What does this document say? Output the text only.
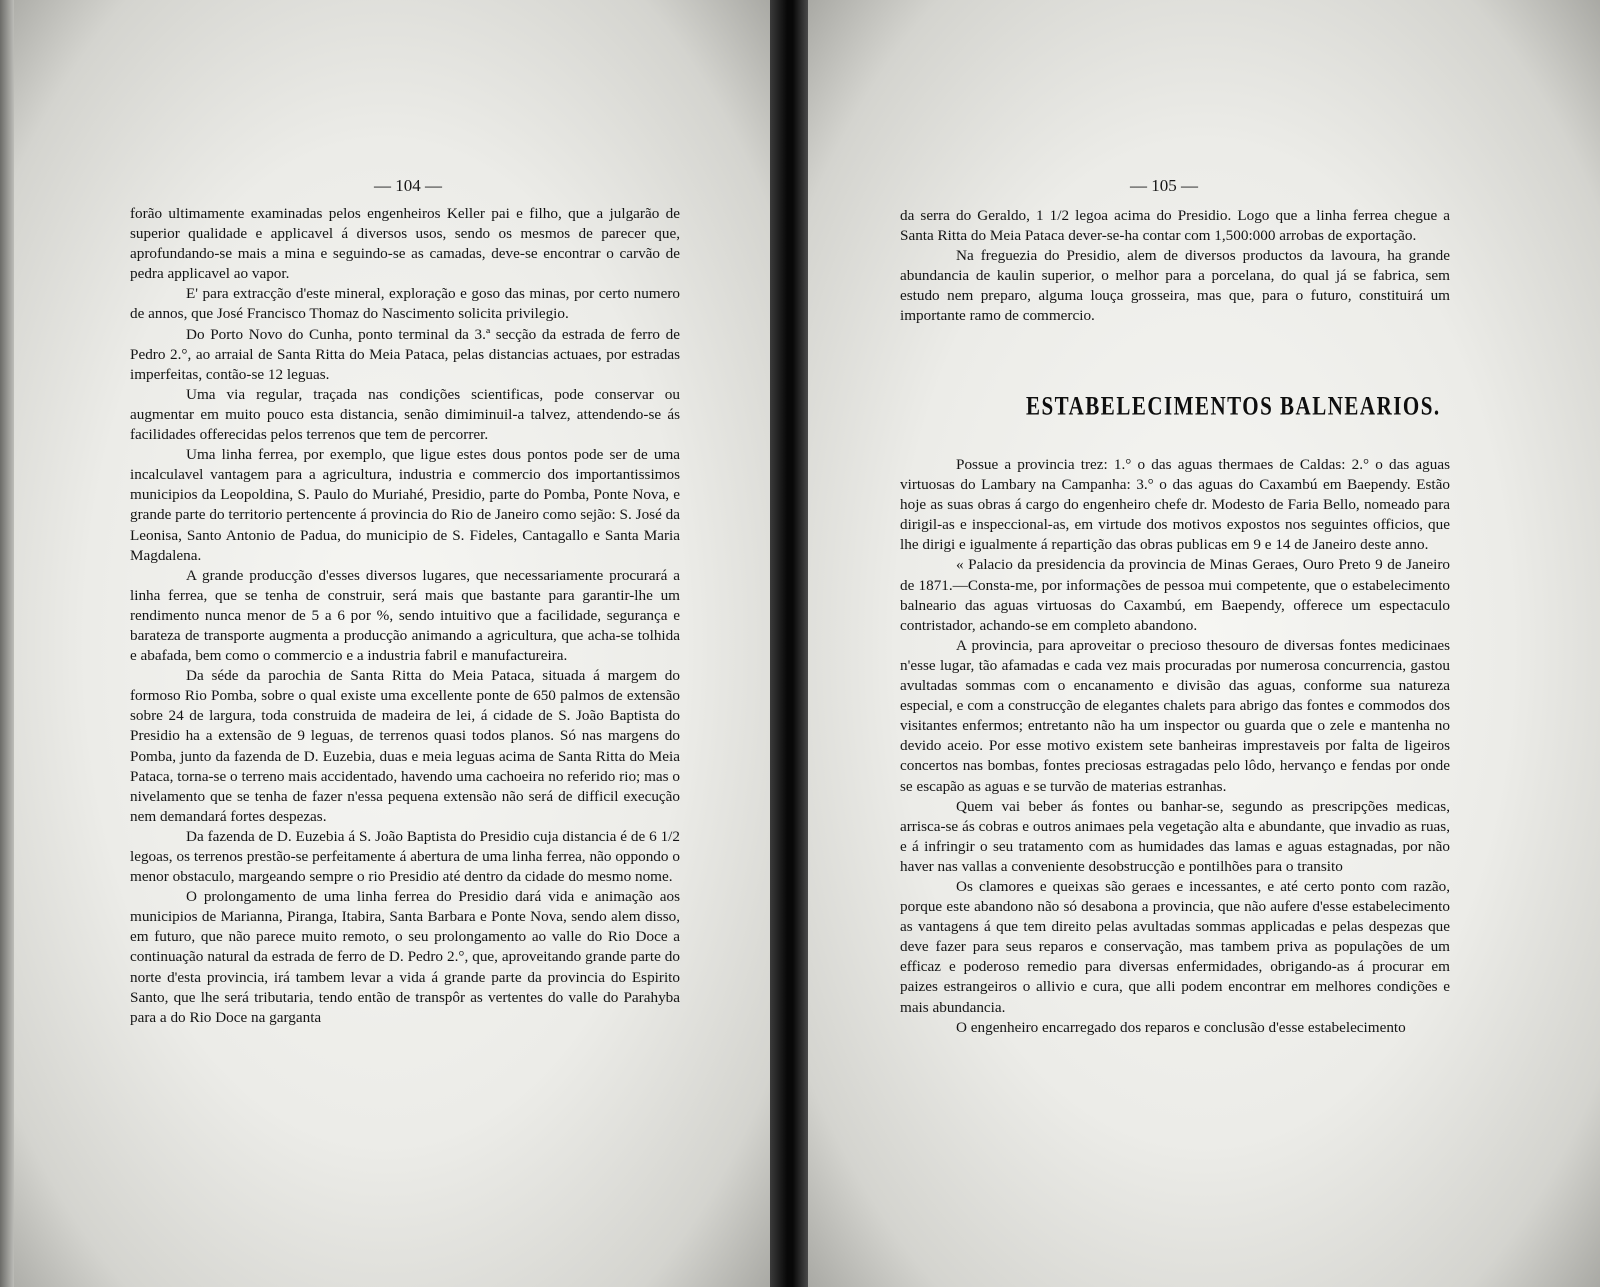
— 104 —

forão ultimamente examinadas pelos engenheiros Keller pai e filho, que a julgarão de superior qualidade e applicavel á diversos usos, sendo os mesmos de parecer que, aprofundando-se mais a mina e seguindo-se as camadas, deve-se encontrar o carvão de pedra applicavel ao vapor.

E' para extracção d'este mineral, exploração e goso das minas, por certo numero de annos, que José Francisco Thomaz do Nascimento solicita privilegio.

Do Porto Novo do Cunha, ponto terminal da 3.ª secção da estrada de ferro de Pedro 2.°, ao arraial de Santa Ritta do Meia Pataca, pelas distancias actuaes, por estradas imperfeitas, contão-se 12 leguas.

Uma via regular, traçada nas condições scientificas, pode conservar ou augmentar em muito pouco esta distancia, senão dimiminuil-a talvez, attendendo-se ás facilidades offerecidas pelos terrenos que tem de percorrer.

Uma linha ferrea, por exemplo, que ligue estes dous pontos pode ser de uma incalculavel vantagem para a agricultura, industria e commercio dos importantissimos municipios da Leopoldina, S. Paulo do Muriahé, Presidio, parte do Pomba, Ponte Nova, e grande parte do territorio pertencente á provincia do Rio de Janeiro como sejão: S. José da Leonisa, Santo Antonio de Padua, do municipio de S. Fideles, Cantagallo e Santa Maria Magdalena.

A grande producção d'esses diversos lugares, que necessariamente procurará a linha ferrea, que se tenha de construir, será mais que bastante para garantir-lhe um rendimento nunca menor de 5 a 6 por %, sendo intuitivo que a facilidade, segurança e barateza de transporte augmenta a producção animando a agricultura, que acha-se tolhida e abafada, bem como o commercio e a industria fabril e manufactureira.

Da séde da parochia de Santa Ritta do Meia Pataca, situada á margem do formoso Rio Pomba, sobre o qual existe uma excellente ponte de 650 palmos de extensão sobre 24 de largura, toda construida de madeira de lei, á cidade de S. João Baptista do Presidio ha a extensão de 9 leguas, de terrenos quasi todos planos. Só nas margens do Pomba, junto da fazenda de D. Euzebia, duas e meia leguas acima de Santa Ritta do Meia Pataca, torna-se o terreno mais accidentado, havendo uma cachoeira no referido rio; mas o nivelamento que se tenha de fazer n'essa pequena extensão não será de difficil execução nem demandará fortes despezas.

Da fazenda de D. Euzebia á S. João Baptista do Presidio cuja distancia é de 6 1/2 legoas, os terrenos prestão-se perfeitamente á abertura de uma linha ferrea, não oppondo o menor obstaculo, margeando sempre o rio Presidio até dentro da cidade do mesmo nome.

O prolongamento de uma linha ferrea do Presidio dará vida e animação aos municipios de Marianna, Piranga, Itabira, Santa Barbara e Ponte Nova, sendo alem disso, em futuro, que não parece muito remoto, o seu prolongamento ao valle do Rio Doce a continuação natural da estrada de ferro de D. Pedro 2.°, que, aproveitando grande parte do norte d'esta provincia, irá tambem levar a vida á grande parte da provincia do Espirito Santo, que lhe será tributaria, tendo então de transpôr as vertentes do valle do Parahyba para a do Rio Doce na garganta

— 105 —

da serra do Geraldo, 1 1/2 legoa acima do Presidio. Logo que a linha ferrea chegue a Santa Ritta do Meia Pataca dever-se-ha contar com 1,500:000 arrobas de exportação.

Na freguezia do Presidio, alem de diversos productos da lavoura, ha grande abundancia de kaulin superior, o melhor para a porcelana, do qual já se fabrica, sem estudo nem preparo, alguma louça grosseira, mas que, para o futuro, constituirá um importante ramo de commercio.

ESTABELECIMENTOS BALNEARIOS.

Possue a provincia trez: 1.° o das aguas thermaes de Caldas: 2.° o das aguas virtuosas do Lambary na Campanha: 3.° o das aguas do Caxambú em Baependy. Estão hoje as suas obras á cargo do engenheiro chefe dr. Modesto de Faria Bello, nomeado para dirigil-as e inspeccional-as, em virtude dos motivos expostos nos seguintes officios, que lhe dirigi e igualmente á repartição das obras publicas em 9 e 14 de Janeiro deste anno.

« Palacio da presidencia da provincia de Minas Geraes, Ouro Preto 9 de Janeiro de 1871.—Consta-me, por informações de pessoa mui competente, que o estabelecimento balneario das aguas virtuosas do Caxambú, em Baependy, offerece um espectaculo contristador, achando-se em completo abandono.

A provincia, para aproveitar o precioso thesouro de diversas fontes medicinaes n'esse lugar, tão afamadas e cada vez mais procuradas por numerosa concurrencia, gastou avultadas sommas com o encanamento e divisão das aguas, conforme sua natureza especial, e com a construcção de elegantes chalets para abrigo das fontes e commodos dos visitantes enfermos; entretanto não ha um inspector ou guarda que o zele e mantenha no devido aceio. Por esse motivo existem sete banheiras imprestaveis por falta de ligeiros concertos nas bombas, fontes preciosas estragadas pelo lôdo, hervanço e fendas por onde se escapão as aguas e se turvão de materias estranhas.

Quem vai beber ás fontes ou banhar-se, segundo as prescripções medicas, arrisca-se ás cobras e outros animaes pela vegetação alta e abundante, que invadio as ruas, e á infringir o seu tratamento com as humidades das lamas e aguas estagnadas, por não haver nas vallas a conveniente desobstrucção e pontilhões para o transito

Os clamores e queixas são geraes e incessantes, e até certo ponto com razão, porque este abandono não só desabona a provincia, que não aufere d'esse estabelecimento as vantagens á que tem direito pelas avultadas sommas applicadas e pelas despezas que deve fazer para seus reparos e conservação, mas tambem priva as populações de um efficaz e poderoso remedio para diversas enfermidades, obrigando-as á procurar em paizes estrangeiros o allivio e cura, que alli podem encontrar em melhores condições e mais abundancia.

O engenheiro encarregado dos reparos e conclusão d'esse estabelecimento
